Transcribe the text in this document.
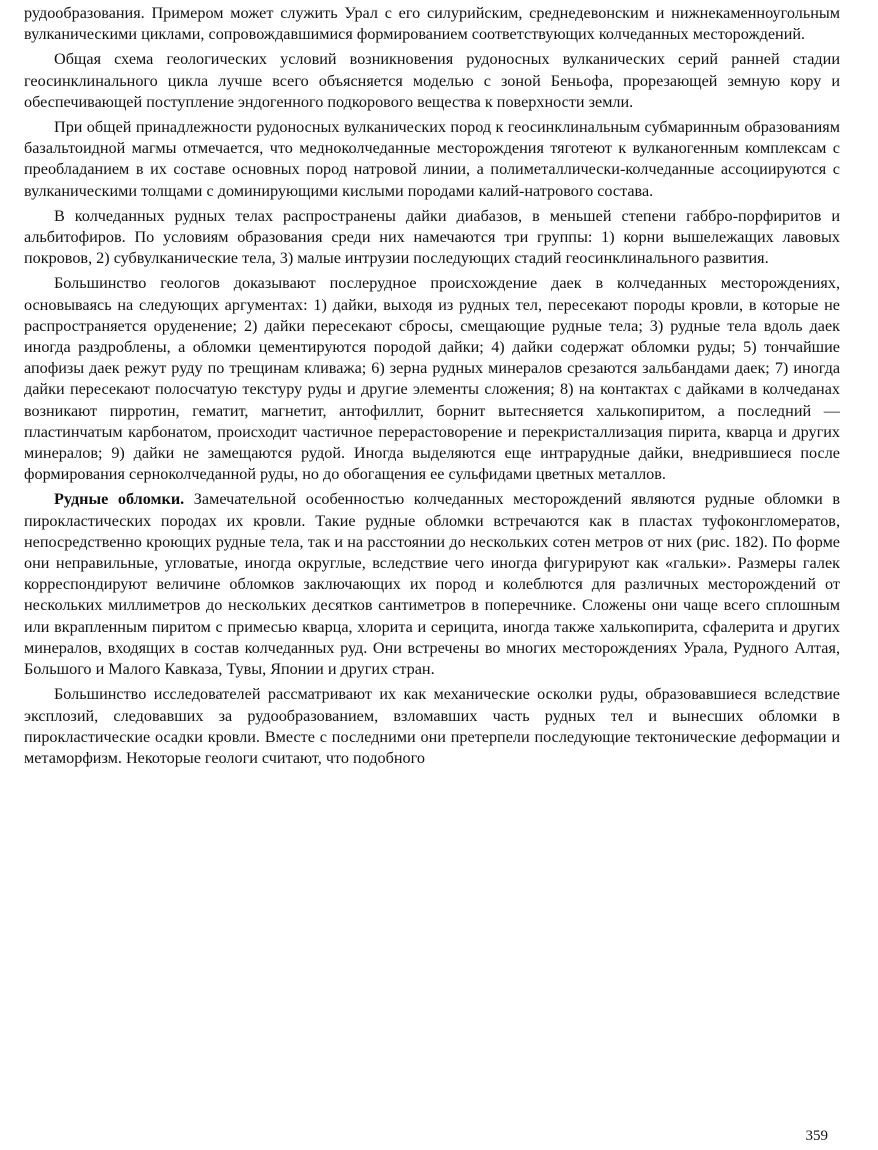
рудообразования. Примером может служить Урал с его силурийским, среднедевонским и нижнекаменноугольным вулканическими циклами, сопровождавшимися формированием соответствующих колчеданных месторождений.

Общая схема геологических условий возникновения рудоносных вулканических серий ранней стадии геосинклинального цикла лучше всего объясняется моделью с зоной Беньофа, прорезающей земную кору и обеспечивающей поступление эндогенного подкорового вещества к поверхности земли.

При общей принадлежности рудоносных вулканических пород к геосинклинальным субмаринным образованиям базальтоидной магмы отмечается, что медноколчеданные месторождения тяготеют к вулканогенным комплексам с преобладанием в их составе основных пород натровой линии, а полиметаллически-колчеданные ассоциируются с вулканическими толщами с доминирующими кислыми породами калий-натрового состава.

В колчеданных рудных телах распространены дайки диабазов, в меньшей степени габбро-порфиритов и альбитофиров. По условиям образования среди них намечаются три группы: 1) корни вышележащих лавовых покровов, 2) субвулканические тела, 3) малые интрузии последующих стадий геосинклинального развития.

Большинство геологов доказывают послерудное происхождение даек в колчеданных месторождениях, основываясь на следующих аргументах: 1) дайки, выходя из рудных тел, пересекают породы кровли, в которые не распространяется оруденение; 2) дайки пересекают сбросы, смещающие рудные тела; 3) рудные тела вдоль даек иногда раздроблены, а обломки цементируются породой дайки; 4) дайки содержат обломки руды; 5) тончайшие апофизы даек режут руду по трещинам кливажа; 6) зерна рудных минералов срезаются зальбандами даек; 7) иногда дайки пересекают полосчатую текстуру руды и другие элементы сложения; 8) на контактах с дайками в колчеданах возникают пирротин, гематит, магнетит, антофиллит, борнит вытесняется халькопиритом, а последний — пластинчатым карбонатом, происходит частичное перерастоворение и перекристаллизация пирита, кварца и других минералов; 9) дайки не замещаются рудой. Иногда выделяются еще интрарудные дайки, внедрившиеся после формирования серноколчеданной руды, но до обогащения ее сульфидами цветных металлов.

Рудные обломки. Замечательной особенностью колчеданных месторождений являются рудные обломки в пирокластических породах их кровли. Такие рудные обломки встречаются как в пластах туфоконгломератов, непосредственно кроющих рудные тела, так и на расстоянии до нескольких сотен метров от них (рис. 182). По форме они неправильные, угловатые, иногда округлые, вследствие чего иногда фигурируют как «гальки». Размеры галек корреспондируют величине обломков заключающих их пород и колеблются для различных месторождений от нескольких миллиметров до нескольких десятков сантиметров в поперечнике. Сложены они чаще всего сплошным или вкрапленным пиритом с примесью кварца, хлорита и серицита, иногда также халькопирита, сфалерита и других минералов, входящих в состав колчеданных руд. Они встречены во многих месторождениях Урала, Рудного Алтая, Большого и Малого Кавказа, Тувы, Японии и других стран.

Большинство исследователей рассматривают их как механические осколки руды, образовавшиеся вследствие эксплозий, следовавших за рудообразованием, взломавших часть рудных тел и вынесших обломки в пирокластические осадки кровли. Вместе с последними они претерпели последующие тектонические деформации и метаморфизм. Некоторые геологи считают, что подобного

359
